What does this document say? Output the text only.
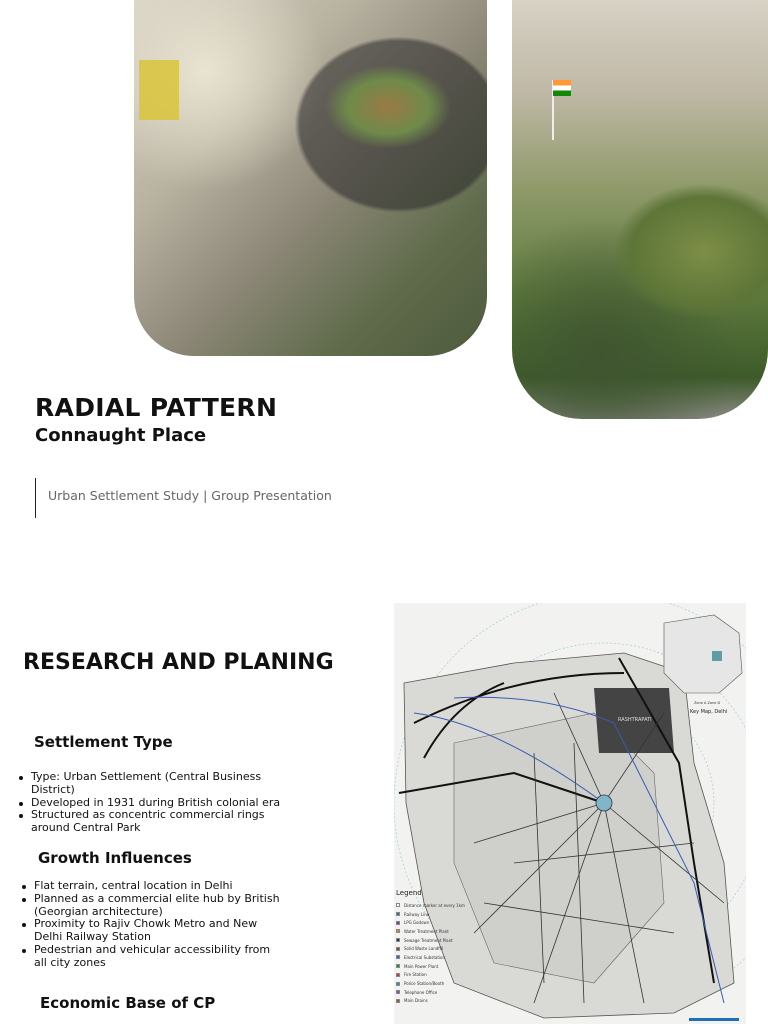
RADIAL PATTERN
Connaught Place
Urban Settlement Study | Group Presentation
RESEARCH AND PLANING
Settlement Type
Type: Urban Settlement (Central Business District)
Developed in 1931 during British colonial era
Structured as concentric commercial rings around Central Park
Growth Influences
Flat terrain, central location in Delhi
Planned as a commercial elite hub by British (Georgian architecture)
Proximity to Rajiv Chowk Metro and New Delhi Railway Station
Pedestrian and vehicular accessibility from all city zones
Economic Base of CP
RASHTRAPATI
Zone A Zone D
Key Map, Delhi
Legend
Distance marker at every 1km
Railway Line
LPG Godown
Water Treatment Plant
Sewage Treatment Plant
Solid Waste Landfill
Electrical Substation
Main Power Plant
Fire Station
Police Station/Booth
Telephone Office
Main Drains
